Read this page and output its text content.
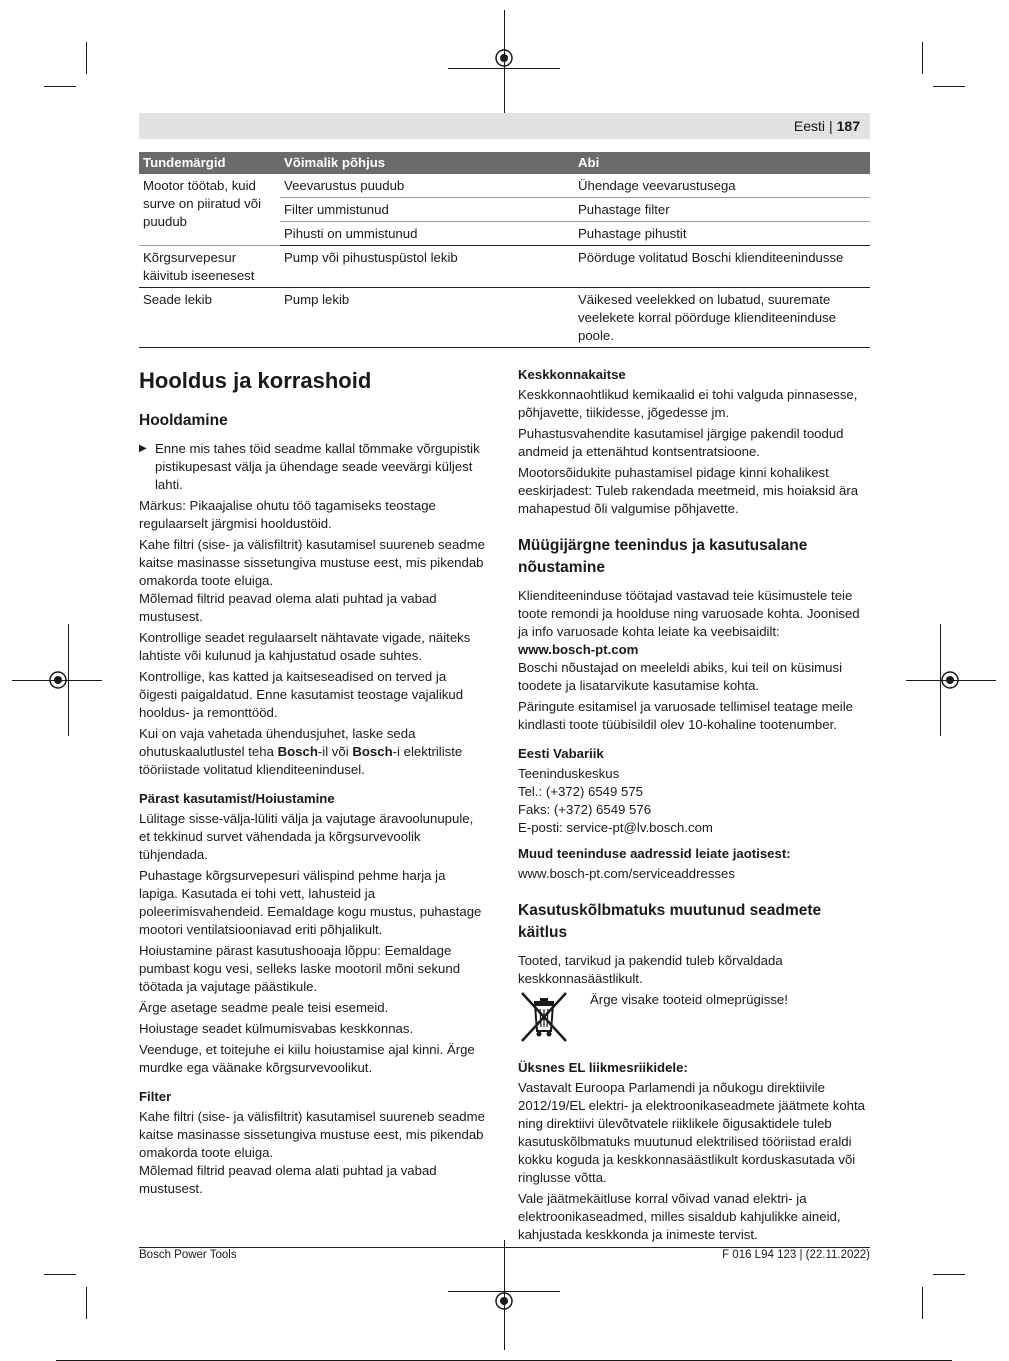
Eesti | 187
Tundemärgid	Võimalik põhjus	Abi
Mootor töötab, kuid surve on piiratud või puudub	Veevarustus puudub	Ühendage veevarustusega
	Filter ummistunud	Puhastage filter
	Pihusti on ummistunud	Puhastage pihustit
Kõrgsurvepesur käivitub iseenesest	Pump või pihustuspüstol lekib	Pöörduge volitatud Boschi klienditeenindusse
Seade lekib	Pump lekib	Väikesed veelekked on lubatud, suuremate veelekete korral pöörduge klienditeeninduse poole.
Hooldus ja korrashoid
Hooldamine
▶ Enne mis tahes töid seadme kallal tõmmake võrgupistik pistikupesast välja ja ühendage seade veevärgi küljest lahti.

Märkus: Pikaajalise ohutu töö tagamiseks teostage regulaarselt järgmisi hooldustöid.

Kahe filtri (sise- ja välisfiltrit) kasutamisel suureneb seadme kaitse masinasse sissetungiva mustuse eest, mis pikendab omakorda toote eluiga.
Mõlemad filtrid peavad olema alati puhtad ja vabad mustusest.

Kontrollige seadet regulaarselt nähtavate vigade, näiteks lahtiste või kulunud ja kahjustatud osade suhtes.

Kontrollige, kas katted ja kaitseseadised on terved ja õigesti paigaldatud. Enne kasutamist teostage vajalikud hooldus- ja remonttööd.

Kui on vaja vahetada ühendusjuhet, laske seda ohutuskaalutlustel teha Bosch-il või Bosch-i elektriliste tööriistade volitatud klienditeenindusel.

Pärast kasutamist/Hoiustamine

Lülitage sisse-välja-lüliti välja ja vajutage äravoolunupule, et tekkinud survet vähendada ja kõrgsurvevoolik tühjendada.

Puhastage kõrgsurvepesuri välispind pehme harja ja lapiga. Kasutada ei tohi vett, lahusteid ja poleerimisvahendeid. Eemaldage kogu mustus, puhastage mootori ventilatsiooniavad eriti põhjalikult.

Hoiustamine pärast kasutushooaja lõppu: Eemaldage pumbast kogu vesi, selleks laske mootoril mõni sekund töötada ja vajutage päästikule.

Ärge asetage seadme peale teisi esemeid.

Hoiustage seadet külmumisvabas keskkonnas.

Veenduge, et toitejuhe ei kiilu hoiustamise ajal kinni. Ärge murdke ega väänake kõrgsurvevoolikut.

Filter

Kahe filtri (sise- ja välisfiltrit) kasutamisel suureneb seadme kaitse masinasse sissetungiva mustuse eest, mis pikendab omakorda toote eluiga.
Mõlemad filtrid peavad olema alati puhtad ja vabad mustusest.

Keskkonnakaitse

Keskkonnaohtlikud kemikaalid ei tohi valguda pinnasesse, põhjavette, tiikidesse, jõgedesse jm.

Puhastusvahendite kasutamisel järgige pakendil toodud andmeid ja ettenähtud kontsentratsioone.

Mootorsõidukite puhastamisel pidage kinni kohalikest eeskirjadest: Tuleb rakendada meetmeid, mis hoiaksid ära mahapestud õli valgumise põhjavette.

Müügijärgne teenindus ja kasutusalane nõustamine

Klienditeeninduse töötajad vastavad teie küsimustele teie toote remondi ja hoolduse ning varuosade kohta. Joonised ja info varuosade kohta leiate ka veebisaidilt:

www.bosch-pt.com

Boschi nõustajad on meeleldi abiks, kui teil on küsimusi toodete ja lisatarvikute kasutamise kohta.

Päringute esitamisel ja varuosade tellimisel teatage meile kindlasti toote tüübisildil olev 10-kohaline tootenumber.

Eesti Vabariik
Teeninduskeskus
Tel.: (+372) 6549 575
Faks: (+372) 6549 576
E-posti: service-pt@lv.bosch.com
Muud teeninduse aadressid leiate jaotisest:

www.bosch-pt.com/serviceaddresses

Kasutuskõlbmatuks muutunud seadmete käitlus

Tooted, tarvikud ja pakendid tuleb kõrvaldada keskkonnasäästlikult.

Ärge visake tooteid olmeprügisse!
Üksnes EL liikmesriikidele:

Vastavalt Euroopa Parlamendi ja nõukogu direktiivile 2012/19/EL elektri- ja elektroonikaseadmete jäätmete kohta ning direktiivi ülevõtvatele riiklikele õigusaktidele tuleb kasutuskõlbmatuks muutunud elektrilised tööriistad eraldi kokku koguda ja keskkonnasäästlikult korduskasutada või ringlusse võtta.

Vale jäätmekäitluse korral võivad vanad elektri- ja elektroonikaseadmed, milles sisaldub kahjulikke aineid, kahjustada keskkonda ja inimeste tervist.

Bosch Power Tools	F 016 L94 123 | (22.11.2022)
